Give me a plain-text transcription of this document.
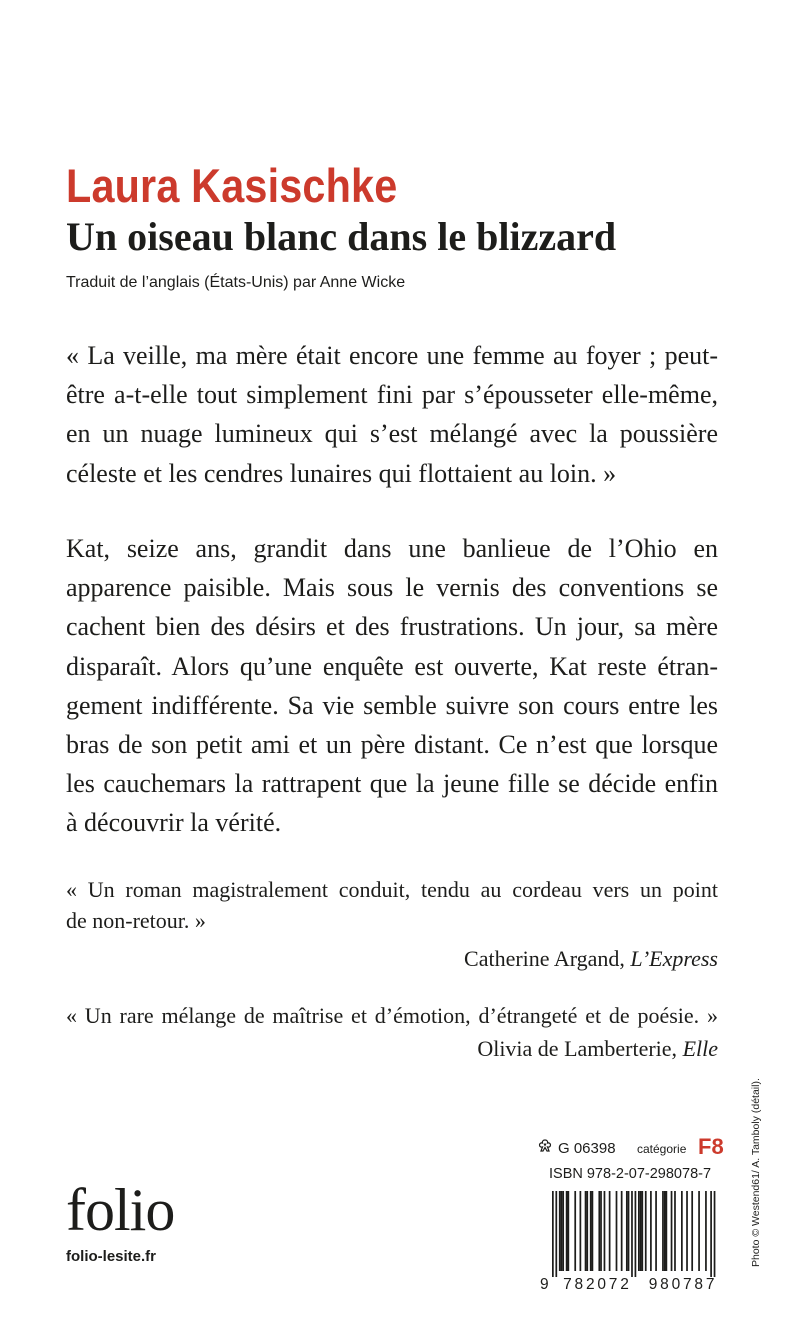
Laura Kasischke
Un oiseau blanc dans le blizzard

Traduit de l’anglais (États-Unis) par Anne Wicke

« La veille, ma mère était encore une femme au foyer ; peut-
être a-t-elle tout simplement fini par s’épousseter elle-même,
en un nuage lumineux qui s’est mélangé avec la poussière
céleste et les cendres lunaires qui flottaient au loin. »
Kat, seize ans, grandit dans une banlieue de l’Ohio en
apparence paisible. Mais sous le vernis des conventions se
cachent bien des désirs et des frustrations. Un jour, sa mère
disparaît. Alors qu’une enquête est ouverte, Kat reste étran-
gement indifférente. Sa vie semble suivre son cours entre les
bras de son petit ami et un père distant. Ce n’est que lorsque
les cauchemars la rattrapent que la jeune fille se décide enfin
à découvrir la vérité.
« Un roman magistralement conduit, tendu au cordeau vers un point
de non-retour. »
Catherine Argand, L’Express
« Un rare mélange de maîtrise et d’émotion, d’étrangeté et de poésie. »
Olivia de Lamberterie, Elle
folio
folio-lesite.fr
G 06398 catégorie F8
ISBN 978-2-07-298078-7
9 782072 980787
Photo © Westend61/ A. Tamboly (détail).
